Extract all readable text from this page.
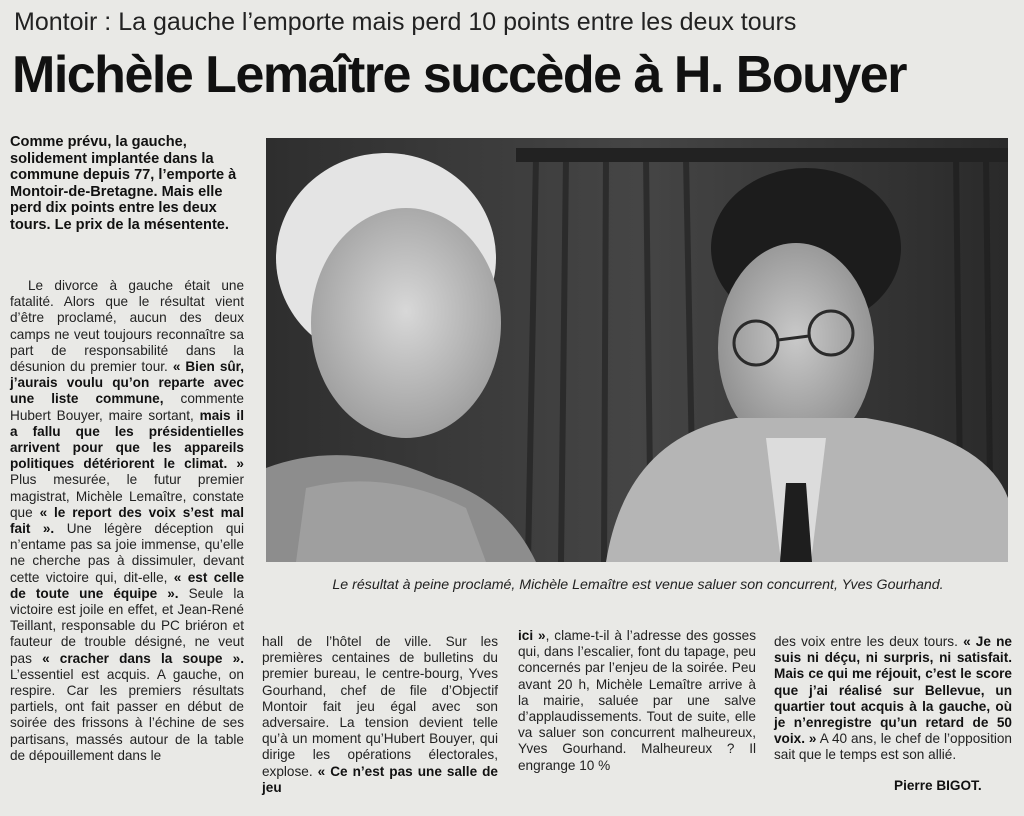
Montoir : La gauche l’emporte mais perd 10 points entre les deux tours
Michèle Lemaître succède à H. Bouyer

Comme prévu, la gauche, solidement implantée dans la commune depuis 77, l’emporte à Montoir-de-Bretagne. Mais elle perd dix points entre les deux tours. Le prix de la mésentente.

Le divorce à gauche était une fatalité. Alors que le résultat vient d’être proclamé, aucun des deux camps ne veut toujours reconnaître sa part de responsabilité dans la désunion du premier tour. « Bien sûr, j’aurais voulu qu’on reparte avec une liste commune, commente Hubert Bouyer, maire sortant, mais il a fallu que les présidentielles arrivent pour que les appareils politiques détériorent le climat. » Plus mesurée, le futur premier magistrat, Michèle Lemaître, constate que « le report des voix s’est mal fait ». Une légère déception qui n’entame pas sa joie immense, qu’elle ne cherche pas à dissimuler, devant cette victoire qui, dit-elle, « est celle de toute une équipe ». Seule la victoire est joile en effet, et Jean-René Teillant, responsable du PC briéron et fauteur de trouble désigné, ne veut pas « cracher dans la soupe ». L’essentiel est acquis. A gauche, on respire. Car les premiers résultats partiels, ont fait passer en début de soirée des frissons à l’échine de ses partisans, massés autour de la table de dépouillement dans le

Le résultat à peine proclamé, Michèle Lemaître est venue saluer son concurrent, Yves Gourhand.

hall de l’hôtel de ville. Sur les premières centaines de bulletins du premier bureau, le centre-bourg, Yves Gourhand, chef de file d’Objectif Montoir fait jeu égal avec son adversaire. La tension devient telle qu’à un moment qu’Hubert Bouyer, qui dirige les opérations électorales, explose. « Ce n’est pas une salle de jeu

ici », clame-t-il à l’adresse des gosses qui, dans l’escalier, font du tapage, peu concernés par l’enjeu de la soirée. Peu avant 20 h, Michèle Lemaître arrive à la mairie, saluée par une salve d’applaudissements. Tout de suite, elle va saluer son concurrent malheureux, Yves Gourhand. Malheureux ? Il engrange 10 %

des voix entre les deux tours. « Je ne suis ni déçu, ni surpris, ni satisfait. Mais ce qui me réjouit, c’est le score que j’ai réalisé sur Bellevue, un quartier tout acquis à la gauche, où je n’enregistre qu’un retard de 50 voix. » A 40 ans, le chef de l’opposition sait que le temps est son allié.

Pierre BIGOT.
